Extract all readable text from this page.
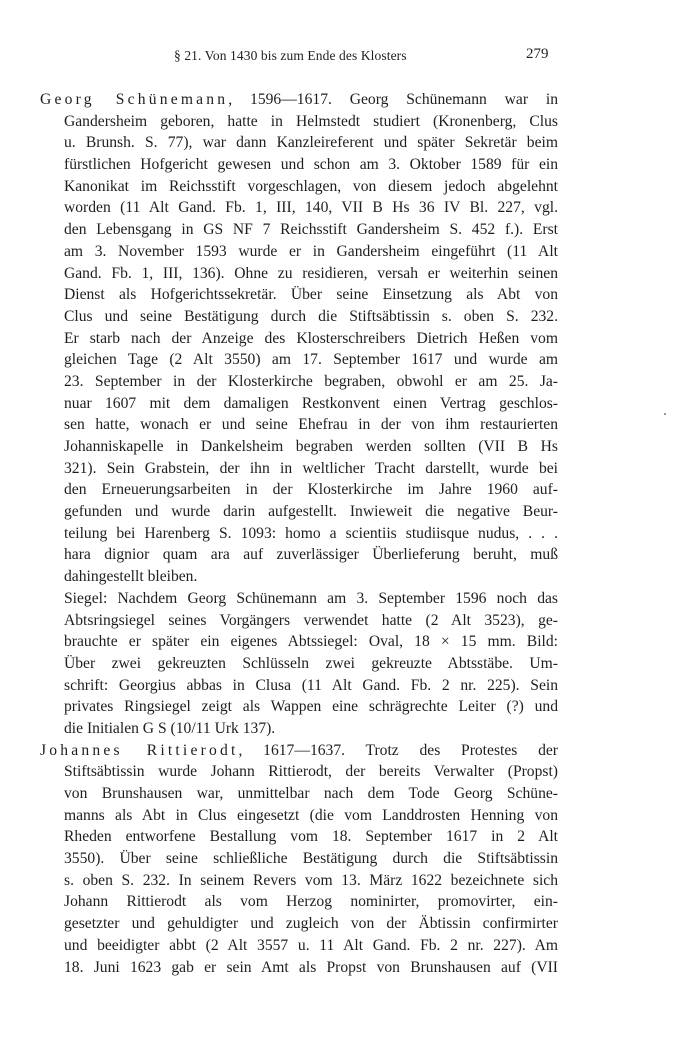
§ 21. Von 1430 bis zum Ende des Klosters	279
Georg Schünemann, 1596—1617. Georg Schünemann war in
Gandersheim geboren, hatte in Helmstedt studiert (Kronenberg, Clus
u. Brunsh. S. 77), war dann Kanzleireferent und später Sekretär beim
fürstlichen Hofgericht gewesen und schon am 3. Oktober 1589 für ein
Kanonikat im Reichsstift vorgeschlagen, von diesem jedoch abgelehnt
worden (11 Alt Gand. Fb. 1, III, 140, VII B Hs 36 IV Bl. 227, vgl.
den Lebensgang in GS NF 7 Reichsstift Gandersheim S. 452 f.). Erst
am 3. November 1593 wurde er in Gandersheim eingeführt (11 Alt
Gand. Fb. 1, III, 136). Ohne zu residieren, versah er weiterhin seinen
Dienst als Hofgerichtssekretär. Über seine Einsetzung als Abt von
Clus und seine Bestätigung durch die Stiftsäbtissin s. oben S. 232.
Er starb nach der Anzeige des Klosterschreibers Dietrich Heßen vom
gleichen Tage (2 Alt 3550) am 17. September 1617 und wurde am
23. September in der Klosterkirche begraben, obwohl er am 25. Ja-
nuar 1607 mit dem damaligen Restkonvent einen Vertrag geschlos-
sen hatte, wonach er und seine Ehefrau in der von ihm restaurierten
Johanniskapelle in Dankelsheim begraben werden sollten (VII B Hs
321). Sein Grabstein, der ihn in weltlicher Tracht darstellt, wurde bei
den Erneuerungsarbeiten in der Klosterkirche im Jahre 1960 auf-
gefunden und wurde darin aufgestellt. Inwieweit die negative Beur-
teilung bei Harenberg S. 1093: homo a scientiis studiisque nudus, . . .
hara dignior quam ara auf zuverlässiger Überlieferung beruht, muß
dahingestellt bleiben.
Siegel: Nachdem Georg Schünemann am 3. September 1596 noch das
Abtsringsiegel seines Vorgängers verwendet hatte (2 Alt 3523), ge-
brauchte er später ein eigenes Abtssiegel: Oval, 18 × 15 mm. Bild:
Über zwei gekreuzten Schlüsseln zwei gekreuzte Abtsstäbe. Um-
schrift: Georgius abbas in Clusa (11 Alt Gand. Fb. 2 nr. 225). Sein
privates Ringsiegel zeigt als Wappen eine schrägrechte Leiter (?) und
die Initialen G S (10/11 Urk 137).
Johannes Rittierodt, 1617—1637. Trotz des Protestes der
Stiftsäbtissin wurde Johann Rittierodt, der bereits Verwalter (Propst)
von Brunshausen war, unmittelbar nach dem Tode Georg Schüne-
manns als Abt in Clus eingesetzt (die vom Landdrosten Henning von
Rheden entworfene Bestallung vom 18. September 1617 in 2 Alt
3550). Über seine schließliche Bestätigung durch die Stiftsäbtissin
s. oben S. 232. In seinem Revers vom 13. März 1622 bezeichnete sich
Johann Rittierodt als vom Herzog nominirter, promovirter, ein-
gesetzter und gehuldigter und zugleich von der Äbtissin confirmirter
und beeidigter abbt (2 Alt 3557 u. 11 Alt Gand. Fb. 2 nr. 227). Am
18. Juni 1623 gab er sein Amt als Propst von Brunshausen auf (VII
